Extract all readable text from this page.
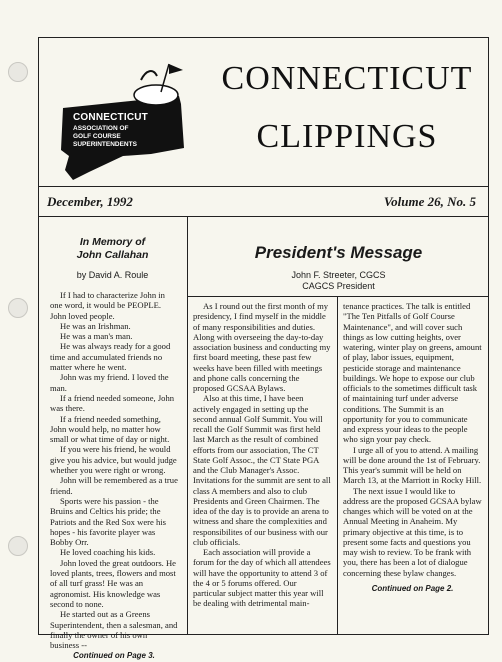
CONNECTICUT
ASSOCIATION OF
GOLF COURSE
SUPERINTENDENTS
CONNECTICUT
CLIPPINGS
December, 1992	Volume 26, No. 5
In Memory of
John Callahan
by David A. Roule

If I had to characterize John in one word, it would be PEOPLE. John loved people.

He was an Irishman.

He was a man's man.

He was always ready for a good time and accumulated friends no matter where he went.

John was my friend. I loved the man.

If a friend needed someone, John was there.

If a friend needed something, John would help, no matter how small or what time of day or night.

If you were his friend, he would give you his advice, but would judge whether you were right or wrong.

John will be remembered as a true friend.

Sports were his passion - the Bruins and Celtics his pride; the Patriots and the Red Sox were his hopes - his favorite player was Bobby Orr.

He loved coaching his kids.

John loved the great outdoors. He loved plants, trees, flowers and most of all turf grass! He was an agronomist. His knowledge was second to none.

He started out as a Greens Superintendent, then a salesman, and finally the owner of his own business --

Continued on Page 3.
President's Message
John F. Streeter, CGCS
CAGCS President

As I round out the first month of my presidency, I find myself in the middle of many responsibilities and duties. Along with overseeing the day-to-day association business and conducting my first board meeting, these past few weeks have been filled with meetings and phone calls concerning the proposed GCSAA Bylaws.

Also at this time, I have been actively engaged in setting up the second annual Golf Summit. You will recall the Golf Summit was first held last March as the result of combined efforts from our association, The CT State Golf Assoc., the CT State PGA and the Club Manager's Assoc. Invitations for the summit are sent to all class A members and also to club Presidents and Green Chairmen. The idea of the day is to provide an arena to witness and share the complexities and responsibilites of our business with our club officials.

Each association will provide a forum for the day of which all attendees will have the opportunity to attend 3 of the 4 or 5 forums offered. Our particular subject matter this year will be dealing with detrimental main-

tenance practices. The talk is entitled "The Ten Pitfalls of Golf Course Maintenance", and will cover such things as low cutting heights, over watering, winter play on greens, amount of play, labor issues, equipment, pesticide storage and maintenance buildings. We hope to expose our club officials to the sometimes difficult task of maintaining turf under adverse conditions. The Summit is an opportunity for you to communicate and express your ideas to the people who sign your pay check.

I urge all of you to attend. A mailing will be done around the 1st of February. This year's summit will be held on March 13, at the Marriott in Rocky Hill.

The next issue I would like to address are the proposed GCSAA bylaw changes which will be voted on at the Annual Meeting in Anaheim. My primary objective at this time, is to present some facts and questions you may wish to review. To be frank with you, there has been a lot of dialogue concerning these bylaw changes.

Continued on Page 2.
